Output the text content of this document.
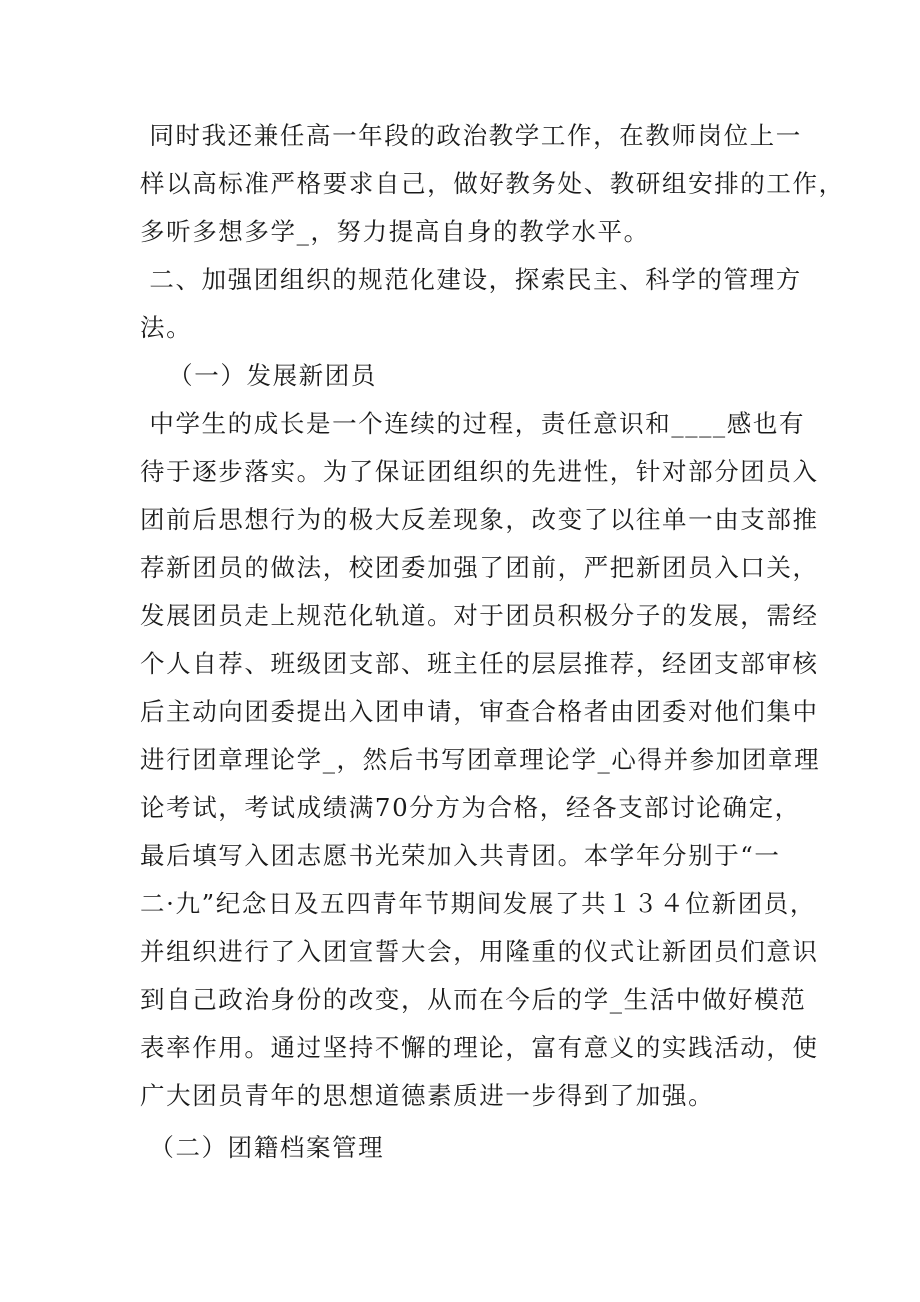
同时我还兼任高一年段的政治教学工作，在教师岗位上一
样以高标准严格要求自己，做好教务处、教研组安排的工作，
多听多想多学_，努力提高自身的教学水平。
二、加强团组织的规范化建设，探索民主、科学的管理方
法。
（一）发展新团员
中学生的成长是一个连续的过程，责任意识和____感也有
待于逐步落实。为了保证团组织的先进性，针对部分团员入
团前后思想行为的极大反差现象，改变了以往单一由支部推
荐新团员的做法，校团委加强了团前，严把新团员入口关，
发展团员走上规范化轨道。对于团员积极分子的发展，需经
个人自荐、班级团支部、班主任的层层推荐，经团支部审核
后主动向团委提出入团申请，审查合格者由团委对他们集中
进行团章理论学_，然后书写团章理论学_心得并参加团章理
论考试，考试成绩满70分方为合格，经各支部讨论确定，
最后填写入团志愿书光荣加入共青团。本学年分别于“一
二·九”纪念日及五四青年节期间发展了共１３４位新团员，
并组织进行了入团宣誓大会，用隆重的仪式让新团员们意识
到自己政治身份的改变，从而在今后的学_生活中做好模范
表率作用。通过坚持不懈的理论，富有意义的实践活动，使
广大团员青年的思想道德素质进一步得到了加强。
（二）团籍档案管理
